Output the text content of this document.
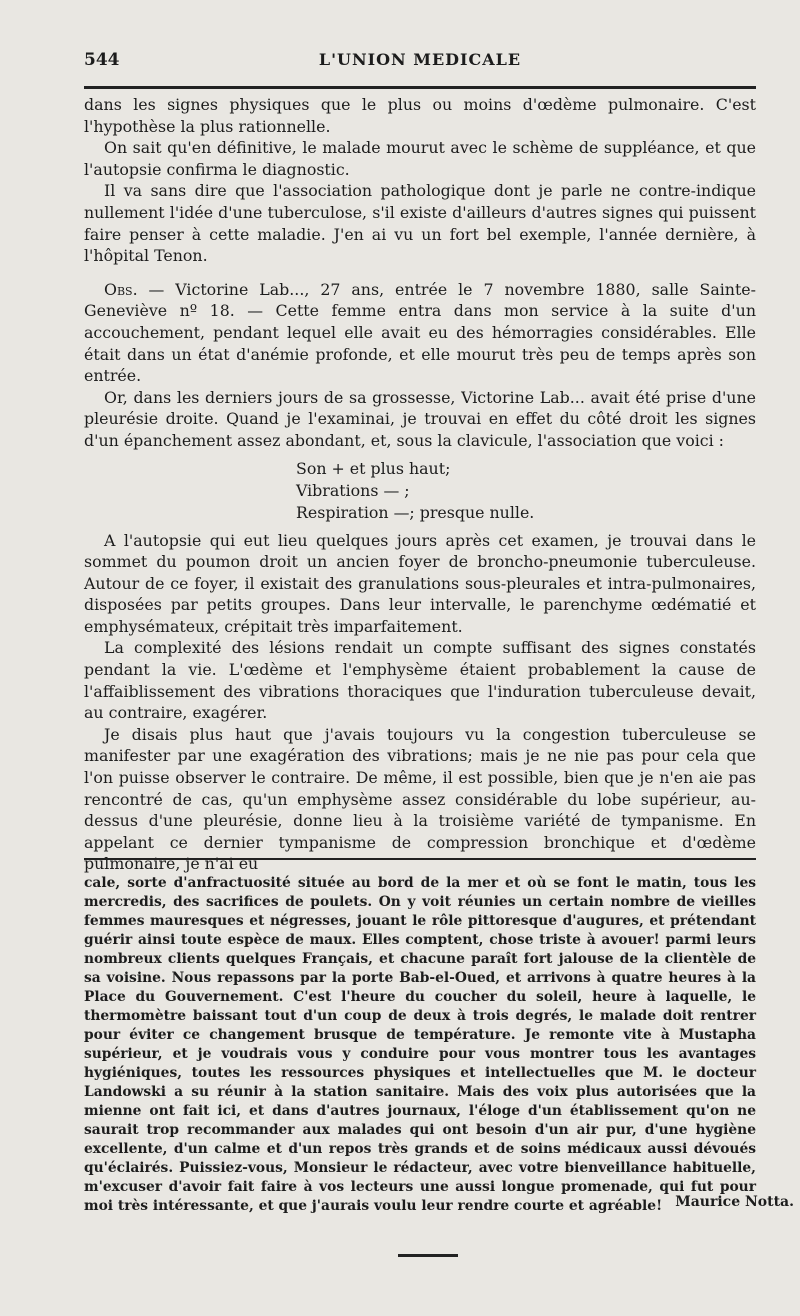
544	L'UNION MEDICALE

dans les signes physiques que le plus ou moins d'œdème pulmonaire. C'est l'hypothèse la plus rationnelle.

On sait qu'en définitive, le malade mourut avec le schème de suppléance, et que l'autopsie confirma le diagnostic.

Il va sans dire que l'association pathologique dont je parle ne contre-indique nullement l'idée d'une tuberculose, s'il existe d'ailleurs d'autres signes qui puissent faire penser à cette maladie. J'en ai vu un fort bel exemple, l'année dernière, à l'hôpital Tenon.

Obs. — Victorine Lab..., 27 ans, entrée le 7 novembre 1880, salle Sainte-Geneviève nº 18. — Cette femme entra dans mon service à la suite d'un accouchement, pendant lequel elle avait eu des hémorragies considérables. Elle était dans un état d'anémie profonde, et elle mourut très peu de temps après son entrée.

Or, dans les derniers jours de sa grossesse, Victorine Lab... avait été prise d'une pleurésie droite. Quand je l'examinai, je trouvai en effet du côté droit les signes d'un épanchement assez abondant, et, sous la clavicule, l'association que voici :

Son + et plus haut;
Vibrations — ;
Respiration —; presque nulle.

A l'autopsie qui eut lieu quelques jours après cet examen, je trouvai dans le sommet du poumon droit un ancien foyer de broncho-pneumonie tuberculeuse. Autour de ce foyer, il existait des granulations sous-pleurales et intra-pulmonaires, disposées par petits groupes. Dans leur intervalle, le parenchyme œdématié et emphysémateux, crépitait très imparfaitement.

La complexité des lésions rendait un compte suffisant des signes constatés pendant la vie. L'œdème et l'emphysème étaient probablement la cause de l'affaiblissement des vibrations thoraciques que l'induration tuberculeuse devait, au contraire, exagérer.

Je disais plus haut que j'avais toujours vu la congestion tuberculeuse se manifester par une exagération des vibrations; mais je ne nie pas pour cela que l'on puisse observer le contraire. De même, il est possible, bien que je n'en aie pas rencontré de cas, qu'un emphysème assez considérable du lobe supérieur, au-dessus d'une pleurésie, donne lieu à la troisième variété de tympanisme. En appelant ce dernier tympanisme de compression bronchique et d'œdème pulmonaire, je n'ai eu

cale, sorte d'anfractuosité située au bord de la mer et où se font le matin, tous les mercredis, des sacrifices de poulets. On y voit réunies un certain nombre de vieilles femmes mauresques et négresses, jouant le rôle pittoresque d'augures, et prétendant guérir ainsi toute espèce de maux. Elles comptent, chose triste à avouer! parmi leurs nombreux clients quelques Français, et chacune paraît fort jalouse de la clientèle de sa voisine. Nous repassons par la porte Bab-el-Oued, et arrivons à quatre heures à la Place du Gouvernement. C'est l'heure du coucher du soleil, heure à laquelle, le thermomètre baissant tout d'un coup de deux à trois degrés, le malade doit rentrer pour éviter ce changement brusque de température. Je remonte vite à Mustapha supérieur, et je voudrais vous y conduire pour vous montrer tous les avantages hygiéniques, toutes les ressources physiques et intellectuelles que M. le docteur Landowski a su réunir à la station sanitaire. Mais des voix plus autorisées que la mienne ont fait ici, et dans d'autres journaux, l'éloge d'un établissement qu'on ne saurait trop recommander aux malades qui ont besoin d'un air pur, d'une hygiène excellente, d'un calme et d'un repos très grands et de soins médicaux aussi dévoués qu'éclairés. Puissiez-vous, Monsieur le rédacteur, avec votre bienveillance habituelle, m'excuser d'avoir fait faire à vos lecteurs une aussi longue promenade, qui fut pour moi très intéressante, et que j'aurais voulu leur rendre courte et agréable! Maurice Notta.
